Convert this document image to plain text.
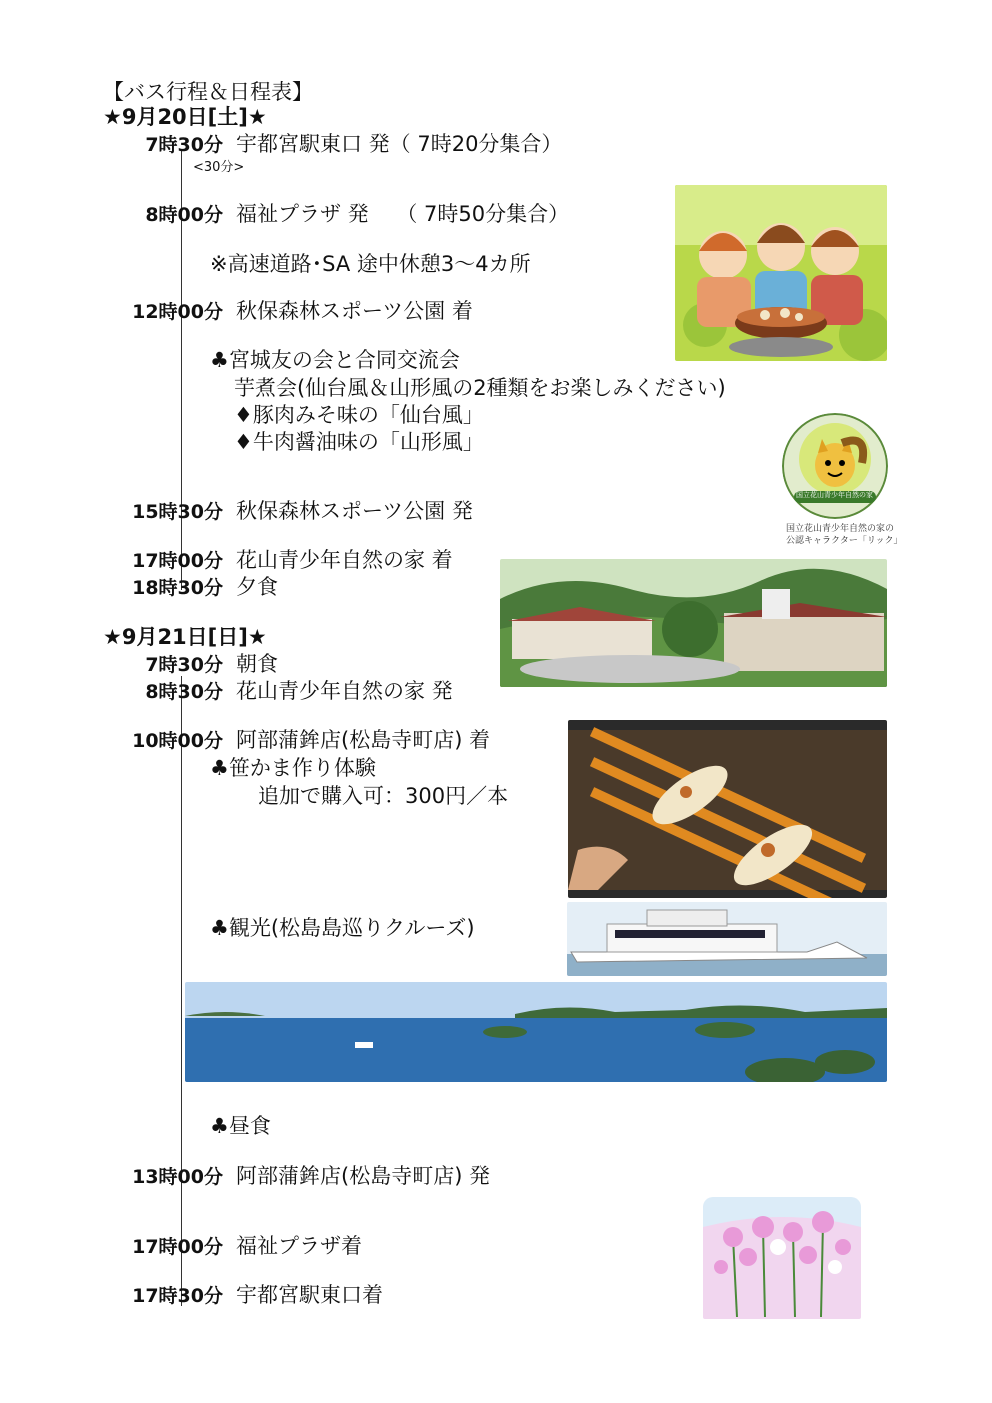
【バス行程＆日程表】
★9月20日[土]★
7時30分 宇都宮駅東口 発（ 7時20分集合）
<30分>
8時00分 福祉プラザ 発　 （ 7時50分集合）
※高速道路･SA 途中休憩3～4カ所
12時00分 秋保森林スポーツ公園 着
♣宮城友の会と合同交流会
芋煮会(仙台風＆山形風の2種類をお楽しみください)
♦豚肉みそ味の「仙台風」
♦牛肉醤油味の「山形風」
15時30分 秋保森林スポーツ公園 発
17時00分 花山青少年自然の家 着
18時30分 夕食
★9月21日[日]★
7時30分 朝食
8時30分 花山青少年自然の家 発
10時00分 阿部蒲鉾店(松島寺町店) 着
♣笹かま作り体験
追加で購入可：300円／本
♣観光(松島島巡りクルーズ)
♣昼食
13時00分 阿部蒲鉾店(松島寺町店) 発
17時00分 福祉プラザ着
17時30分 宇都宮駅東口着
国立花山青少年自然の家
国立花山青少年自然の家の
公認キャラクター「リック」
